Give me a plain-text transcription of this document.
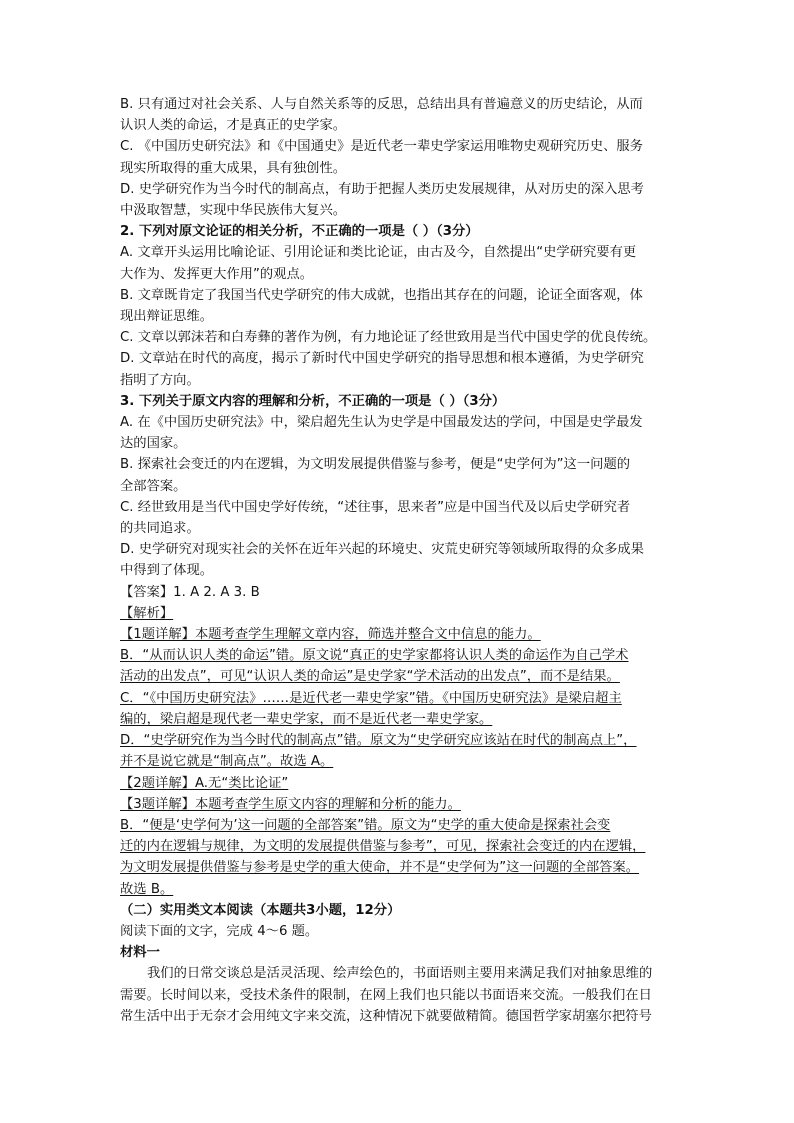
B. 只有通过对社会关系、人与自然关系等的反思，总结出具有普遍意义的历史结论，从而
认识人类的命运，才是真正的史学家。
C. 《中国历史研究法》和《中国通史》是近代老一辈史学家运用唯物史观研究历史、服务
现实所取得的重大成果，具有独创性。
D. 史学研究作为当今时代的制高点，有助于把握人类历史发展规律，从对历史的深入思考
中汲取智慧，实现中华民族伟大复兴。
2. 下列对原文论证的相关分析，不正确的一项是（ ）（3分）
A. 文章开头运用比喻论证、引用论证和类比论证，由古及今，自然提出“史学研究要有更
大作为、发挥更大作用”的观点。
B. 文章既肯定了我国当代史学研究的伟大成就，也指出其存在的问题，论证全面客观，体
现出辩证思维。
C. 文章以郭沫若和白寿彝的著作为例，有力地论证了经世致用是当代中国史学的优良传统。
D. 文章站在时代的高度，揭示了新时代中国史学研究的指导思想和根本遵循，为史学研究
指明了方向。
3. 下列关于原文内容的理解和分析，不正确的一项是（ ）（3分）
A. 在《中国历史研究法》中，梁启超先生认为史学是中国最发达的学问，中国是史学最发
达的国家。
B. 探索社会变迁的内在逻辑，为文明发展提供借鉴与参考，便是“史学何为”这一问题的
全部答案。
C. 经世致用是当代中国史学好传统，“述往事，思来者”应是中国当代及以后史学研究者
的共同追求。
D. 史学研究对现实社会的关怀在近年兴起的环境史、灾荒史研究等领域所取得的众多成果
中得到了体现。
【答案】1. A 2. A 3. B
【解析】
【1题详解】本题考查学生理解文章内容，筛选并整合文中信息的能力。
B．“从而认识人类的命运”错。原文说“真正的史学家都将认识人类的命运作为自己学术
活动的出发点”，可见“认识人类的命运”是史学家“学术活动的出发点”，而不是结果。
C．“《中国历史研究法》……是近代老一辈史学家”错。《中国历史研究法》是梁启超主
编的，梁启超是现代老一辈史学家，而不是近代老一辈史学家。
D．“史学研究作为当今时代的制高点”错。原文为“史学研究应该站在时代的制高点上”，
并不是说它就是“制高点”。故选 A。
【2题详解】A.无“类比论证”
【3题详解】本题考查学生原文内容的理解和分析的能力。
B．“便是‘史学何为’这一问题的全部答案”错。原文为“史学的重大使命是探索社会变
迁的内在逻辑与规律，为文明的发展提供借鉴与参考”，可见，探索社会变迁的内在逻辑，
为文明发展提供借鉴与参考是史学的重大使命，并不是“史学何为”这一问题的全部答案。
故选 B。
（二）实用类文本阅读（本题共3小题，12分）
阅读下面的文字，完成 4～6 题。
材料一
我们的日常交谈总是活灵活现、绘声绘色的，书面语则主要用来满足我们对抽象思维的
需要。长时间以来，受技术条件的限制，在网上我们也只能以书面语来交流。一般我们在日
常生活中出于无奈才会用纯文字来交流，这种情况下就要做精简。德国哲学家胡塞尔把符号
